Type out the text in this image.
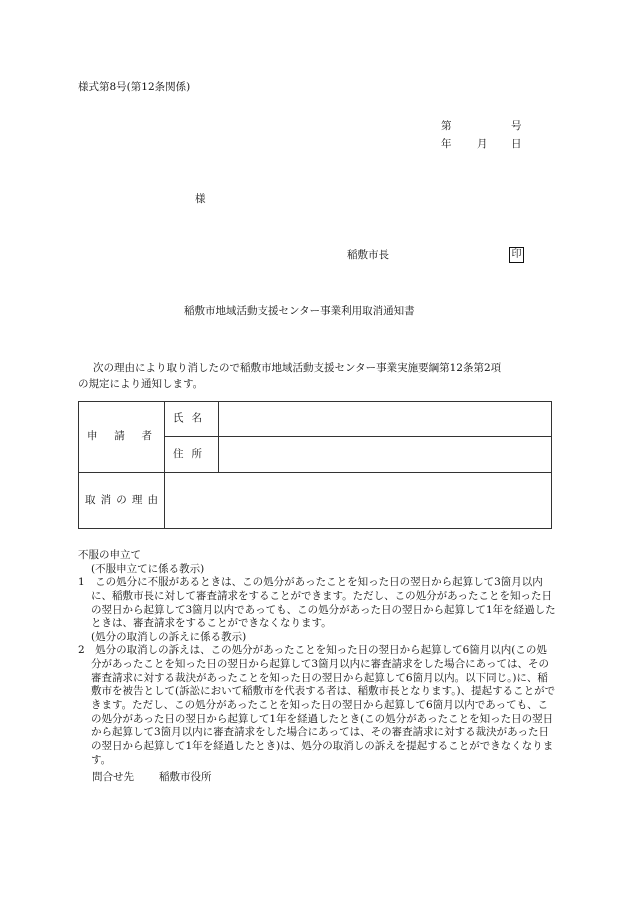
様式第8号(第12条関係)
第	号
年 月 日
様
稲敷市長	印
稲敷市地域活動支援センター事業利用取消通知書
次の理由により取り消したので稲敷市地域活動支援センター事業実施要綱第12条第2項
の規定により通知します。
申 請 者	氏 名	

	住 所	

取 消 の 理 由		

不服の申立て

(不服申立てに係る教示)

1　この処分に不服があるときは、この処分があったことを知った日の翌日から起算して3箇月以内に、稲敷市長に対して審査請求をすることができます。ただし、この処分があったことを知った日の翌日から起算して3箇月以内であっても、この処分があった日の翌日から起算して1年を経過したときは、審査請求をすることができなくなります。

(処分の取消しの訴えに係る教示)

2　処分の取消しの訴えは、この処分があったことを知った日の翌日から起算して6箇月以内(この処分があったことを知った日の翌日から起算して3箇月以内に審査請求をした場合にあっては、その審査請求に対する裁決があったことを知った日の翌日から起算して6箇月以内。以下同じ。)に、稲敷市を被告として(訴訟において稲敷市を代表する者は、稲敷市長となります。)、提起することができます。ただし、この処分があったことを知った日の翌日から起算して6箇月以内であっても、この処分があった日の翌日から起算して1年を経過したとき(この処分があったことを知った日の翌日から起算して3箇月以内に審査請求をした場合にあっては、その審査請求に対する裁決があった日の翌日から起算して1年を経過したとき)は、処分の取消しの訴えを提起することができなくなります。

問合せ先 稲敷市役所
